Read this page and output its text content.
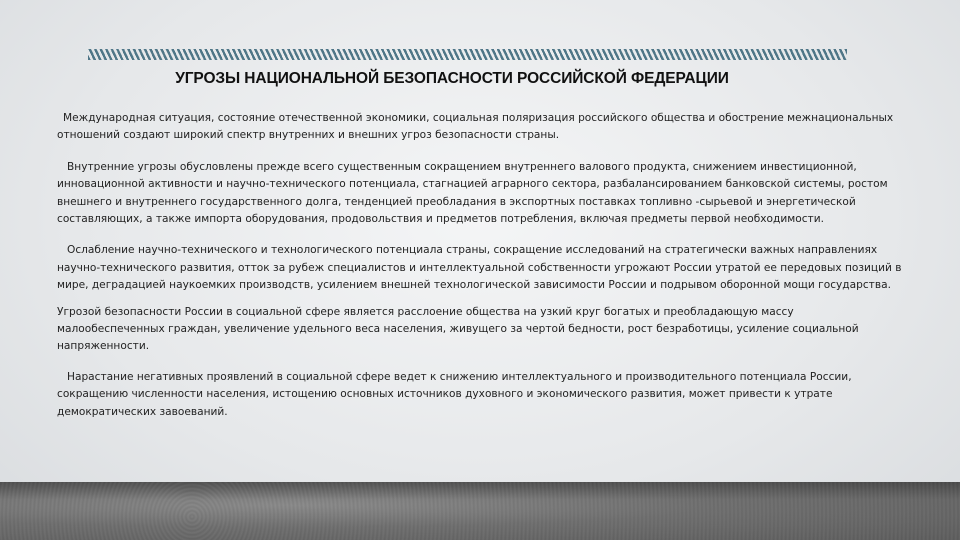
УГРОЗЫ НАЦИОНАЛЬНОЙ БЕЗОПАСНОСТИ РОССИЙСКОЙ ФЕДЕРАЦИИ

Международная ситуация, состояние отечественной экономики, социальная поляризация российского общества и обострение межнациональных отношений создают широкий спектр внутренних и внешних угроз безопасности страны.

Внутренние угрозы обусловлены прежде всего существенным сокращением внутреннего валового продукта, снижением инвестиционной, инновационной активности и научно-технического потенциала, стагнацией аграрного сектора, разбалансированием банковской системы, ростом внешнего и внутреннего государственного долга, тенденцией преобладания в экспортных поставках топливно -сырьевой и энергетической составляющих, а также импорта оборудования, продовольствия и предметов потребления, включая предметы первой необходимости.

Ослабление научно-технического и технологического потенциала страны, сокращение исследований на стратегически важных направлениях научно-технического развития, отток за рубеж специалистов и интеллектуальной собственности угрожают России утратой ее передовых позиций в мире, деградацией наукоемких производств, усилением внешней технологической зависимости России и подрывом оборонной мощи государства.

Угрозой безопасности России в социальной сфере является расслоение общества на узкий круг богатых и преобладающую массу малообеспеченных граждан, увеличение удельного веса населения, живущего за чертой бедности, рост безработицы, усиление социальной напряженности.

Нарастание негативных проявлений в социальной сфере ведет к снижению интеллектуального и производительного потенциала России, сокращению численности населения, истощению основных источников духовного и экономического развития, может привести к утрате демократических завоеваний.
